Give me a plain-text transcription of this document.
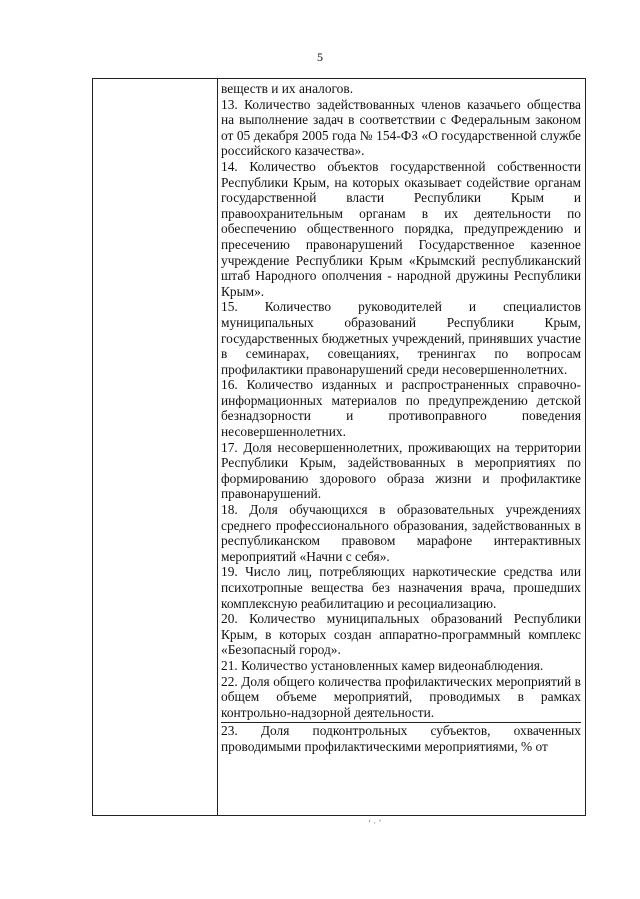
5

веществ и их аналогов.

13. Количество задействованных членов казачьего общества на выполнение задач в соответствии с Федеральным законом от 05 декабря 2005 года № 154-ФЗ «О государственной службе российского казачества».

14. Количество объектов государственной собственности Республики Крым, на которых оказывает содействие органам государственной власти Республики Крым и правоохранительным органам в их деятельности по обеспечению общественного порядка, предупреждению и пресечению правонарушений Государственное казенное учреждение Республики Крым «Крымский республиканский штаб Народного ополчения - народной дружины Республики Крым».

15. Количество руководителей и специалистов муниципальных образований Республики Крым, государственных бюджетных учреждений, принявших участие в семинарах, совещаниях, тренингах по вопросам профилактики правонарушений среди несовершеннолетних.

16. Количество изданных и распространенных справочно-информационных материалов по предупреждению детской безнадзорности и противоправного поведения несовершеннолетних.

17. Доля несовершеннолетних, проживающих на территории Республики Крым, задействованных в мероприятиях по формированию здорового образа жизни и профилактике правонарушений.

18. Доля обучающихся в образовательных учреждениях среднего профессионального образования, задействованных в республиканском правовом марафоне интерактивных мероприятий «Начни с себя».

19. Число лиц, потребляющих наркотические средства или психотропные вещества без назначения врача, прошедших комплексную реабилитацию и ресоциализацию.

20. Количество муниципальных образований Республики Крым, в которых создан аппаратно-программный комплекс «Безопасный город».

21. Количество установленных камер видеонаблюдения.

22. Доля общего количества профилактических мероприятий в общем объеме мероприятий, проводимых в рамках контрольно-надзорной деятельности.

23. Доля подконтрольных субъектов, охваченных проводимыми профилактическими мероприятиями, % от

‘ · ’
